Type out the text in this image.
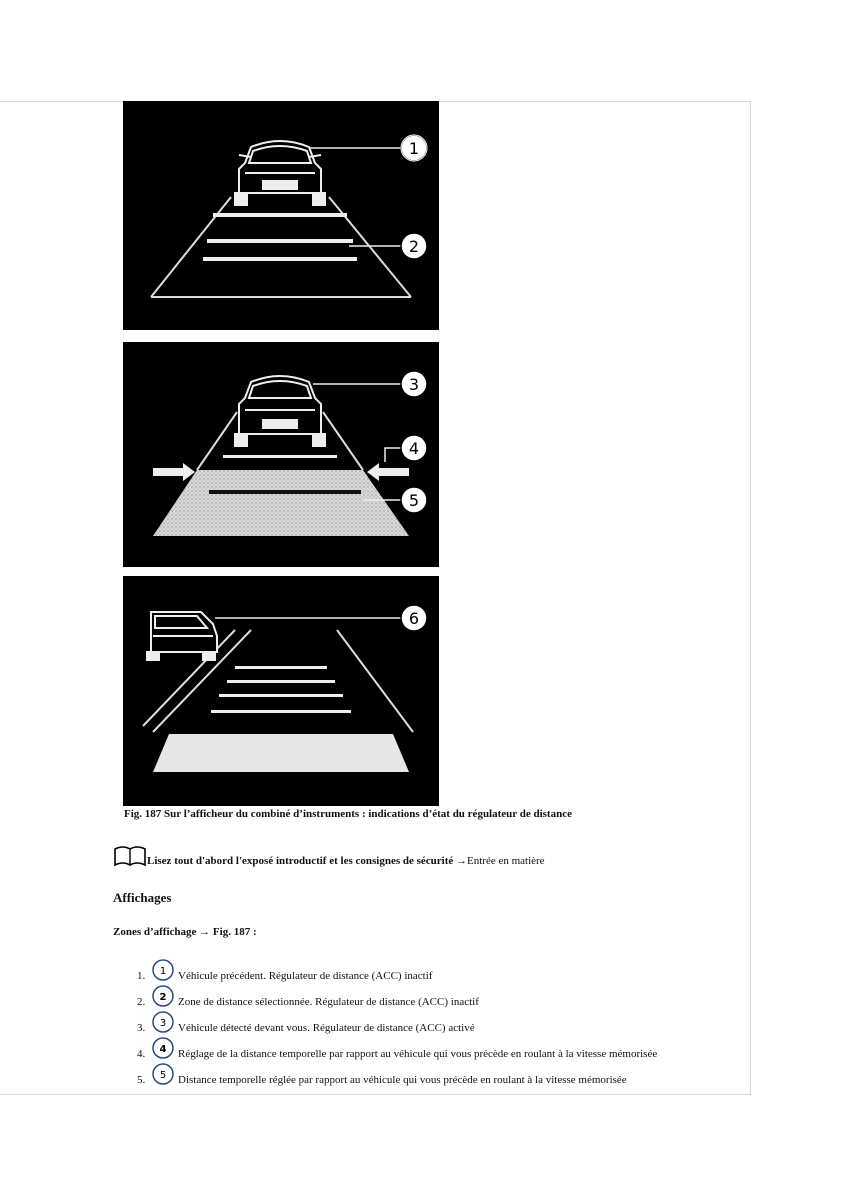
1
2
3
4
5
6
Fig. 187 Sur l’afficheur du combiné d’instruments : indications d’état du régulateur de distance
Lisez tout d'abord l'exposé introductif et les consignes de sécurité
→Entrée en matière
Affichages
Zones d’affichage → Fig. 187 :
1. 1 Véhicule précédent. Régulateur de distance (ACC) inactif
2. 2 Zone de distance sélectionnée. Régulateur de distance (ACC) inactif
3. 3 Véhicule détecté devant vous. Régulateur de distance (ACC) activé
4. 4 Réglage de la distance temporelle par rapport au véhicule qui vous précède en roulant à la vitesse mémorisée
5. 5 Distance temporelle réglée par rapport au véhicule qui vous précède en roulant à la vitesse mémorisée
